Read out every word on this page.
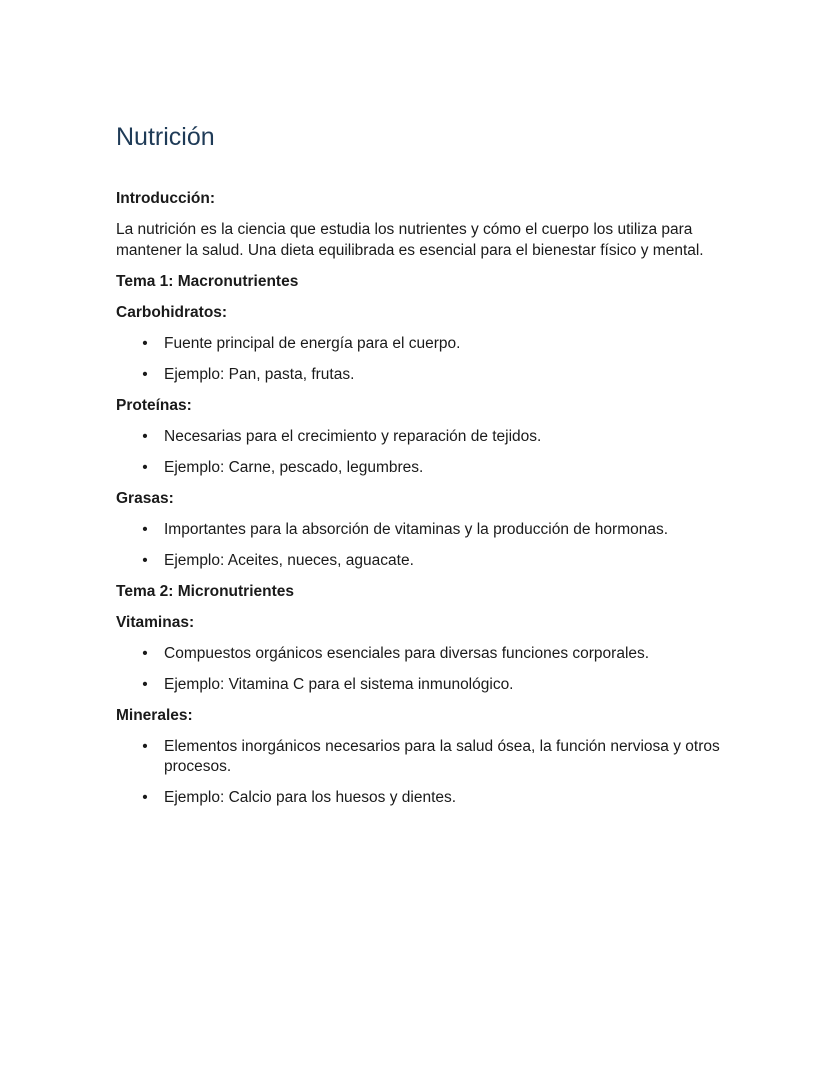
Nutrición
Introducción:

La nutrición es la ciencia que estudia los nutrientes y cómo el cuerpo los utiliza para mantener la salud. Una dieta equilibrada es esencial para el bienestar físico y mental.

Tema 1: Macronutrientes
Carbohidratos:
• Fuente principal de energía para el cuerpo.
• Ejemplo: Pan, pasta, frutas.
Proteínas:
• Necesarias para el crecimiento y reparación de tejidos.
• Ejemplo: Carne, pescado, legumbres.
Grasas:
• Importantes para la absorción de vitaminas y la producción de hormonas.
• Ejemplo: Aceites, nueces, aguacate.
Tema 2: Micronutrientes
Vitaminas:
• Compuestos orgánicos esenciales para diversas funciones corporales.
• Ejemplo: Vitamina C para el sistema inmunológico.
Minerales:
• Elementos inorgánicos necesarios para la salud ósea, la función nerviosa y otros procesos.
• Ejemplo: Calcio para los huesos y dientes.
